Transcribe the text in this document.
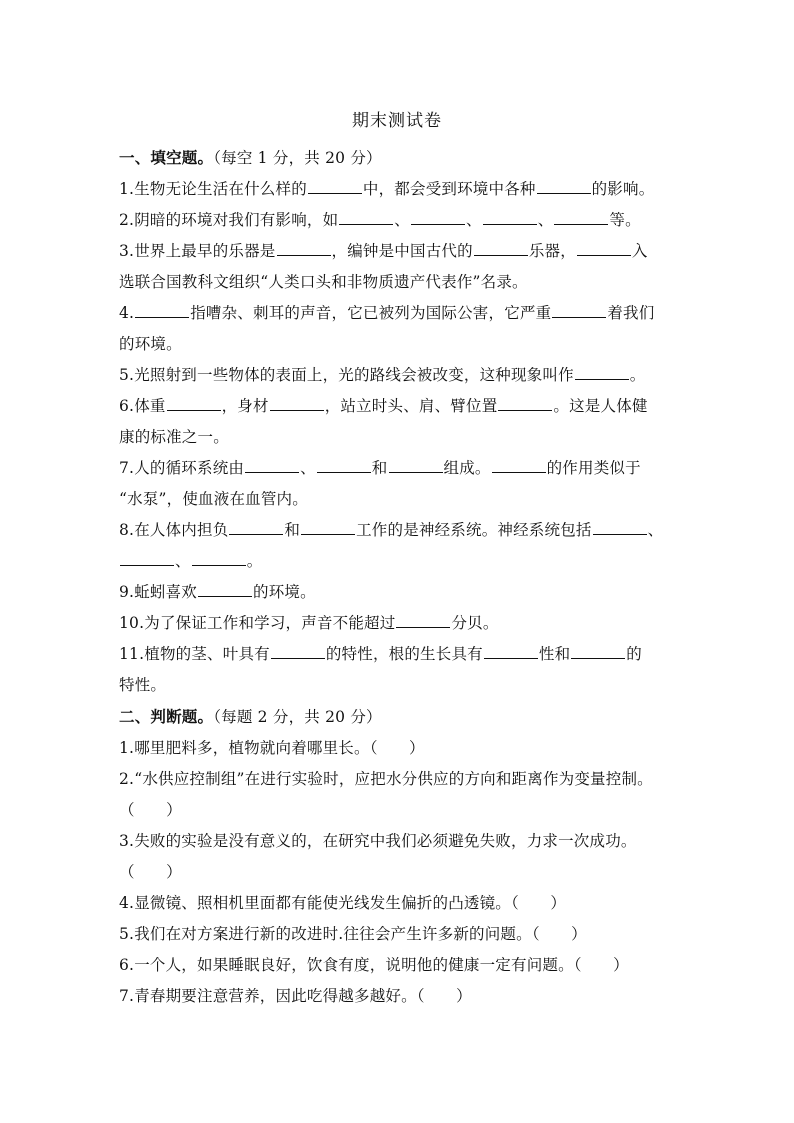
期末测试卷
一、填空题。（每空 1 分，共 20 分）
1.生物无论生活在什么样的	中，都会受到环境中各种	的影响。
2.阴暗的环境对我们有影响，如	、	、	、	等。
3.世界上最早的乐器是	，编钟是中国古代的	乐器，	入
选联合国教科文组织“人类口头和非物质遗产代表作”名录。
4.	指嘈杂、刺耳的声音，它已被列为国际公害，它严重	着我们
的环境。
5.光照射到一些物体的表面上，光的路线会被改变，这种现象叫作	。
6.体重	，身材	，站立时头、肩、臂位置	。这是人体健
康的标准之一。
7.人的循环系统由	、	和	组成。	的作用类似于
“水泵”，使血液在血管内。
8.在人体内担负	和	工作的是神经系统。神经系统包括	、
、	。
9.蚯蚓喜欢	的环境。
10.为了保证工作和学习，声音不能超过	分贝。
11.植物的茎、叶具有	的特性，根的生长具有	性和	的
特性。
二、判断题。（每题 2 分，共 20 分）
1.哪里肥料多，植物就向着哪里长。（　　）
2.“水供应控制组”在进行实验时，应把水分供应的方向和距离作为变量控制。
（　　）
3.失败的实验是没有意义的，在研究中我们必须避免失败，力求一次成功。
（　　）
4.显微镜、照相机里面都有能使光线发生偏折的凸透镜。（　　）
5.我们在对方案进行新的改进时.往往会产生许多新的问题。（　　）
6.一个人，如果睡眠良好，饮食有度，说明他的健康一定有问题。（　　）
7.青春期要注意营养，因此吃得越多越好。（　　）
